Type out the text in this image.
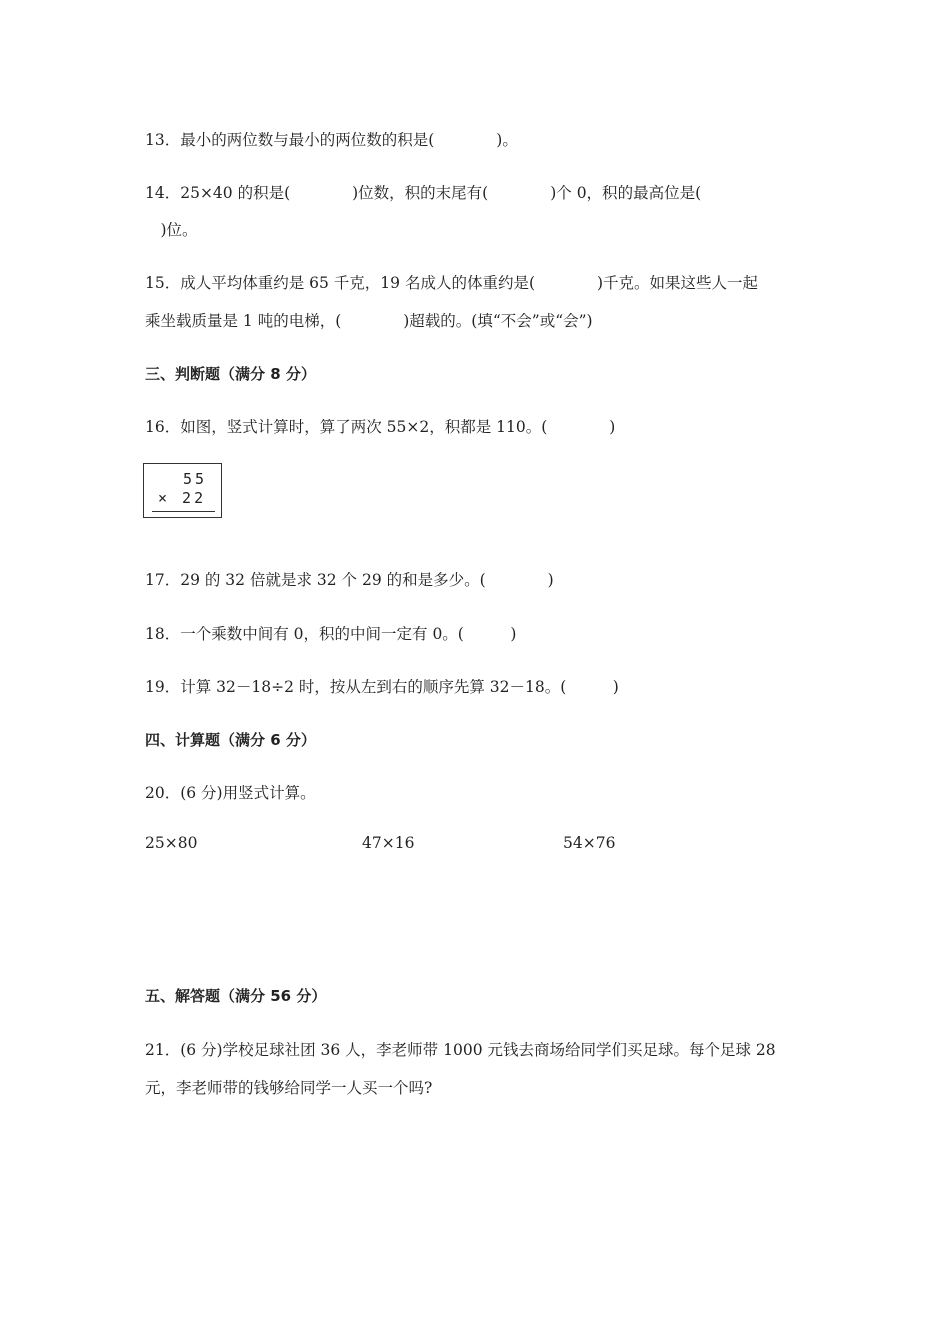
13．最小的两位数与最小的两位数的积是(　　　　)。
14．25×40 的积是(　　　　)位数，积的末尾有(　　　　)个 0，积的最高位是(
　)位。
15．成人平均体重约是 65 千克，19 名成人的体重约是(　　　　)千克。如果这些人一起
乘坐载质量是 1 吨的电梯，(　　　　)超载的。(填“不会”或“会”)
三、判断题（满分 8 分）
16．如图，竖式计算时，算了两次 55×2，积都是 110。(　　　　)
55
× 22
17．29 的 32 倍就是求 32 个 29 的和是多少。(　　　　)
18．一个乘数中间有 0，积的中间一定有 0。(　　　)
19．计算 32－18÷2 时，按从左到右的顺序先算 32－18。(　　　)
四、计算题（满分 6 分）
20．(6 分)用竖式计算。
25×80	47×16	54×76
五、解答题（满分 56 分）
21．(6 分)学校足球社团 36 人，李老师带 1000 元钱去商场给同学们买足球。每个足球 28
元，李老师带的钱够给同学一人买一个吗?
